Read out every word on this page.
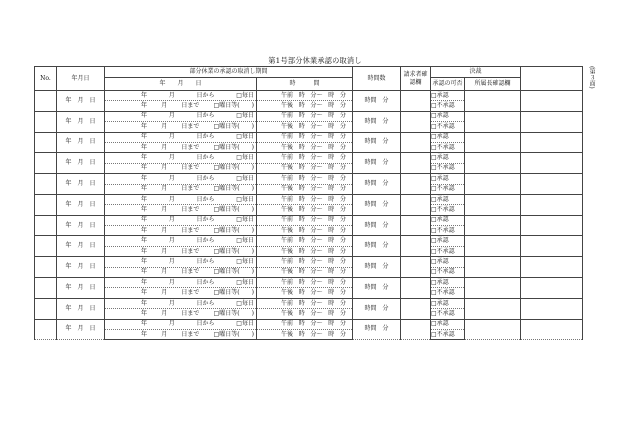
第1号部分休業承認の取消し
(第３面)
No.	年月日	部分休業の承認の取消し期間		時間数	請求者確認欄	決裁		
						承認の可否	所属長確認欄	
		年　　月　　日	時　　　間					
	年　月　日	年 月 日から □毎日	午前 時 分～ 時 分	時間　分		□承認		

		年 月 日まで □曜日等(　　)	午後 時 分～ 時 分			□不承認		
	年　月　日	年 月 日から □毎日	午前 時 分～ 時 分	時間　分		□承認		

		年 月 日まで □曜日等(　　)	午後 時 分～ 時 分			□不承認		
	年　月　日	年 月 日から □毎日	午前 時 分～ 時 分	時間　分		□承認		

		年 月 日まで □曜日等(　　)	午後 時 分～ 時 分			□不承認		
	年　月　日	年 月 日から □毎日	午前 時 分～ 時 分	時間　分		□承認		

		年 月 日まで □曜日等(　　)	午後 時 分～ 時 分			□不承認		
	年　月　日	年 月 日から □毎日	午前 時 分～ 時 分	時間　分		□承認		

		年 月 日まで □曜日等(　　)	午後 時 分～ 時 分			□不承認		
	年　月　日	年 月 日から □毎日	午前 時 分～ 時 分	時間　分		□承認		

		年 月 日まで □曜日等(　　)	午後 時 分～ 時 分			□不承認		
	年　月　日	年 月 日から □毎日	午前 時 分～ 時 分	時間　分		□承認		

		年 月 日まで □曜日等(　　)	午後 時 分～ 時 分			□不承認		
	年　月　日	年 月 日から □毎日	午前 時 分～ 時 分	時間　分		□承認		

		年 月 日まで □曜日等(　　)	午後 時 分～ 時 分			□不承認		
	年　月　日	年 月 日から □毎日	午前 時 分～ 時 分	時間　分		□承認		

		年 月 日まで □曜日等(　　)	午後 時 分～ 時 分			□不承認		
	年　月　日	年 月 日から □毎日	午前 時 分～ 時 分	時間　分		□承認		

		年 月 日まで □曜日等(　　)	午後 時 分～ 時 分			□不承認		
	年　月　日	年 月 日から □毎日	午前 時 分～ 時 分	時間　分		□承認		

		年 月 日まで □曜日等(　　)	午後 時 分～ 時 分			□不承認		
	年　月　日	年 月 日から □毎日	午前 時 分～ 時 分	時間　分		□承認		

		年 月 日まで □曜日等(　　)	午後 時 分～ 時 分			□不承認		
